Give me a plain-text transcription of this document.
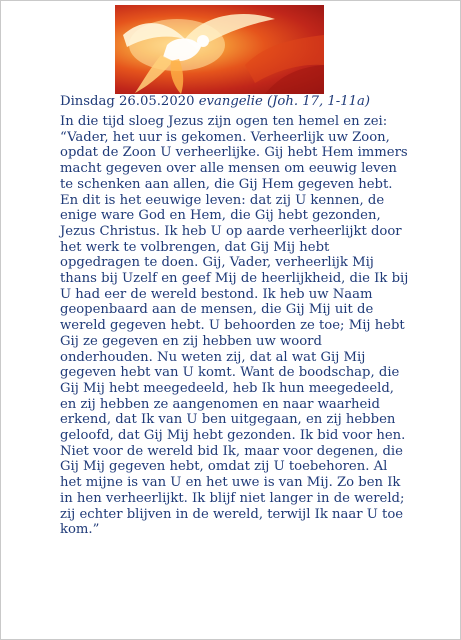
Dinsdag 26.05.2020 evangelie (Joh. 17, 1-11a)
In die tijd sloeg Jezus zijn ogen ten hemel en zei:
“Vader, het uur is gekomen. Verheerlijk uw Zoon,
opdat de Zoon U verheerlijke. Gij hebt Hem immers
macht gegeven over alle mensen om eeuwig leven
te schenken aan allen, die Gij Hem gegeven hebt.
En dit is het eeuwige leven: dat zij U kennen, de
enige ware God en Hem, die Gij hebt gezonden,
Jezus Christus. Ik heb U op aarde verheerlijkt door
het werk te volbrengen, dat Gij Mij hebt
opgedragen te doen. Gij, Vader, verheerlijk Mij
thans bij Uzelf en geef Mij de heerlijkheid, die Ik bij
U had eer de wereld bestond. Ik heb uw Naam
geopenbaard aan de mensen, die Gij Mij uit de
wereld gegeven hebt. U behoorden ze toe; Mij hebt
Gij ze gegeven en zij hebben uw woord
onderhouden. Nu weten zij, dat al wat Gij Mij
gegeven hebt van U komt. Want de boodschap, die
Gij Mij hebt meegedeeld, heb Ik hun meegedeeld,
en zij hebben ze aangenomen en naar waarheid
erkend, dat Ik van U ben uitgegaan, en zij hebben
geloofd, dat Gij Mij hebt gezonden. Ik bid voor hen.
Niet voor de wereld bid Ik, maar voor degenen, die
Gij Mij gegeven hebt, omdat zij U toebehoren. Al
het mijne is van U en het uwe is van Mij. Zo ben Ik
in hen verheerlijkt. Ik blijf niet langer in de wereld;
zij echter blijven in de wereld, terwijl Ik naar U toe
kom.”
